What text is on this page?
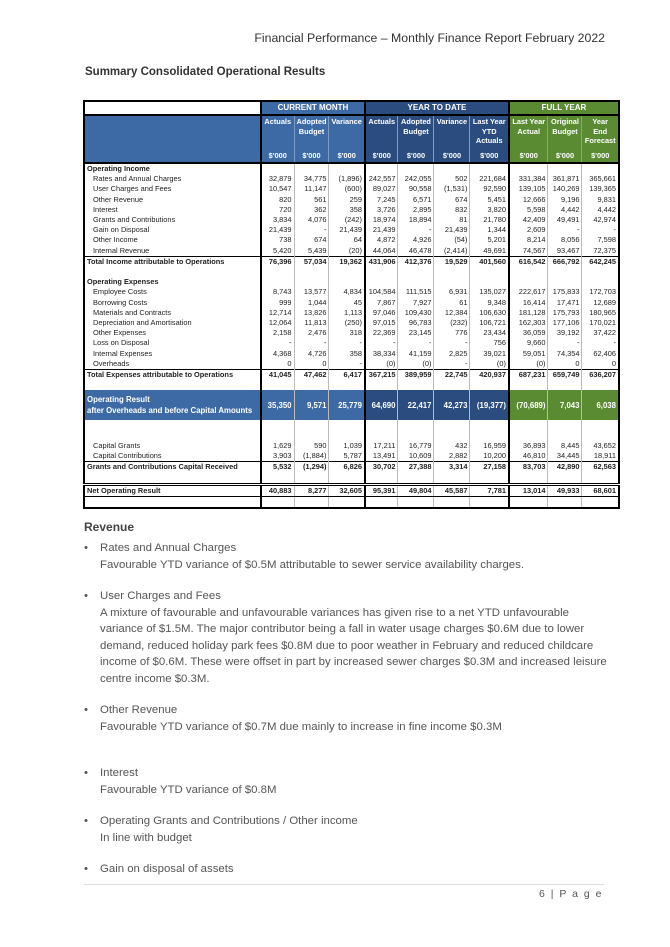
Financial Performance – Monthly Finance Report February 2022
Summary Consolidated Operational Results
	CURRENT MONTH			YEAR TO DATE				FULL YEAR		
	Actuals	Adopted Budget	Variance	Actuals	Adopted Budget	Variance	Last Year YTD Actuals	Last Year Actual	Original Budget	Year End Forecast
	$'000	$'000	$'000	$'000	$'000	$'000	$'000	$'000	$'000	$'000
Operating Income										
Rates and Annual Charges	32,879	34,775	(1,896)	242,557	242,055	502	221,684	331,384	361,871	365,661
User Charges and Fees	10,547	11,147	(600)	89,027	90,558	(1,531)	92,590	139,105	140,269	139,365
Other Revenue	820	561	259	7,245	6,571	674	5,451	12,666	9,196	9,831
Interest	720	362	358	3,726	2,895	832	3,820	5,598	4,442	4,442
Grants and Contributions	3,834	4,076	(242)	18,974	18,894	81	21,780	42,409	49,491	42,974
Gain on Disposal	21,439	-	21,439	21,439	-	21,439	1,344	2,609	-	-
Other Income	738	674	64	4,872	4,926	(54)	5,201	8,214	8,056	7,598
Internal Revenue	5,420	5,439	(20)	44,064	46,478	(2,414)	49,691	74,567	93,467	72,375
Total Income attributable to Operations	76,396	57,034	19,362	431,906	412,376	19,529	401,560	616,542	666,792	642,245

Operating Expenses										
Employee Costs	8,743	13,577	4,834	104,584	111,515	6,931	135,027	222,617	175,833	172,703
Borrowing Costs	999	1,044	45	7,867	7,927	61	9,348	16,414	17,471	12,689
Materials and Contracts	12,714	13,826	1,113	97,046	109,430	12,384	106,630	181,128	175,793	180,965
Depreciation and Amortisation	12,064	11,813	(250)	97,015	96,783	(232)	106,721	162,303	177,106	170,021
Other Expenses	2,158	2,476	318	22,369	23,145	776	23,434	36,059	39,192	37,422
Loss on Disposal	-	-	-	-	-	-	756	9,660	-	-
Internal Expenses	4,368	4,726	358	38,334	41,159	2,825	39,021	59,051	74,354	62,406
Overheads	0	0	-	(0)	(0)	-	(0)	(0)	0	0
Total Expenses attributable to Operations	41,045	47,462	6,417	367,215	389,959	22,745	420,937	687,231	659,749	636,207

Operating Result
after Overheads and before Capital Amounts	35,350	9,571	25,779	64,690	22,417	42,273	(19,377)	(70,689)	7,043	6,038

Capital Grants	1,629	590	1,039	17,211	16,779	432	16,959	36,893	8,445	43,652
Capital Contributions	3,903	(1,884)	5,787	13,491	10,609	2,882	10,200	46,810	34,445	18,911
Grants and Contributions Capital Received	5,532	(1,294)	6,826	30,702	27,388	3,314	27,158	83,703	42,890	62,563

Net Operating Result	40,883	8,277	32,605	95,391	49,804	45,587	7,781	13,014	49,933	68,601

Revenue
• Rates and Annual Charges
Favourable YTD variance of $0.5M attributable to sewer service availability charges.
• User Charges and Fees
A mixture of favourable and unfavourable variances has given rise to a net YTD unfavourable variance of $1.5M. The major contributor being a fall in water usage charges $0.6M due to lower demand, reduced holiday park fees $0.8M due to poor weather in February and reduced childcare income of $0.6M. These were offset in part by increased sewer charges $0.3M and increased leisure centre income $0.3M.
• Other Revenue
Favourable YTD variance of $0.7M due mainly to increase in fine income $0.3M
• Interest
Favourable YTD variance of $0.8M
• Operating Grants and Contributions / Other income
In line with budget
• Gain on disposal of assets
6 | P a g e
